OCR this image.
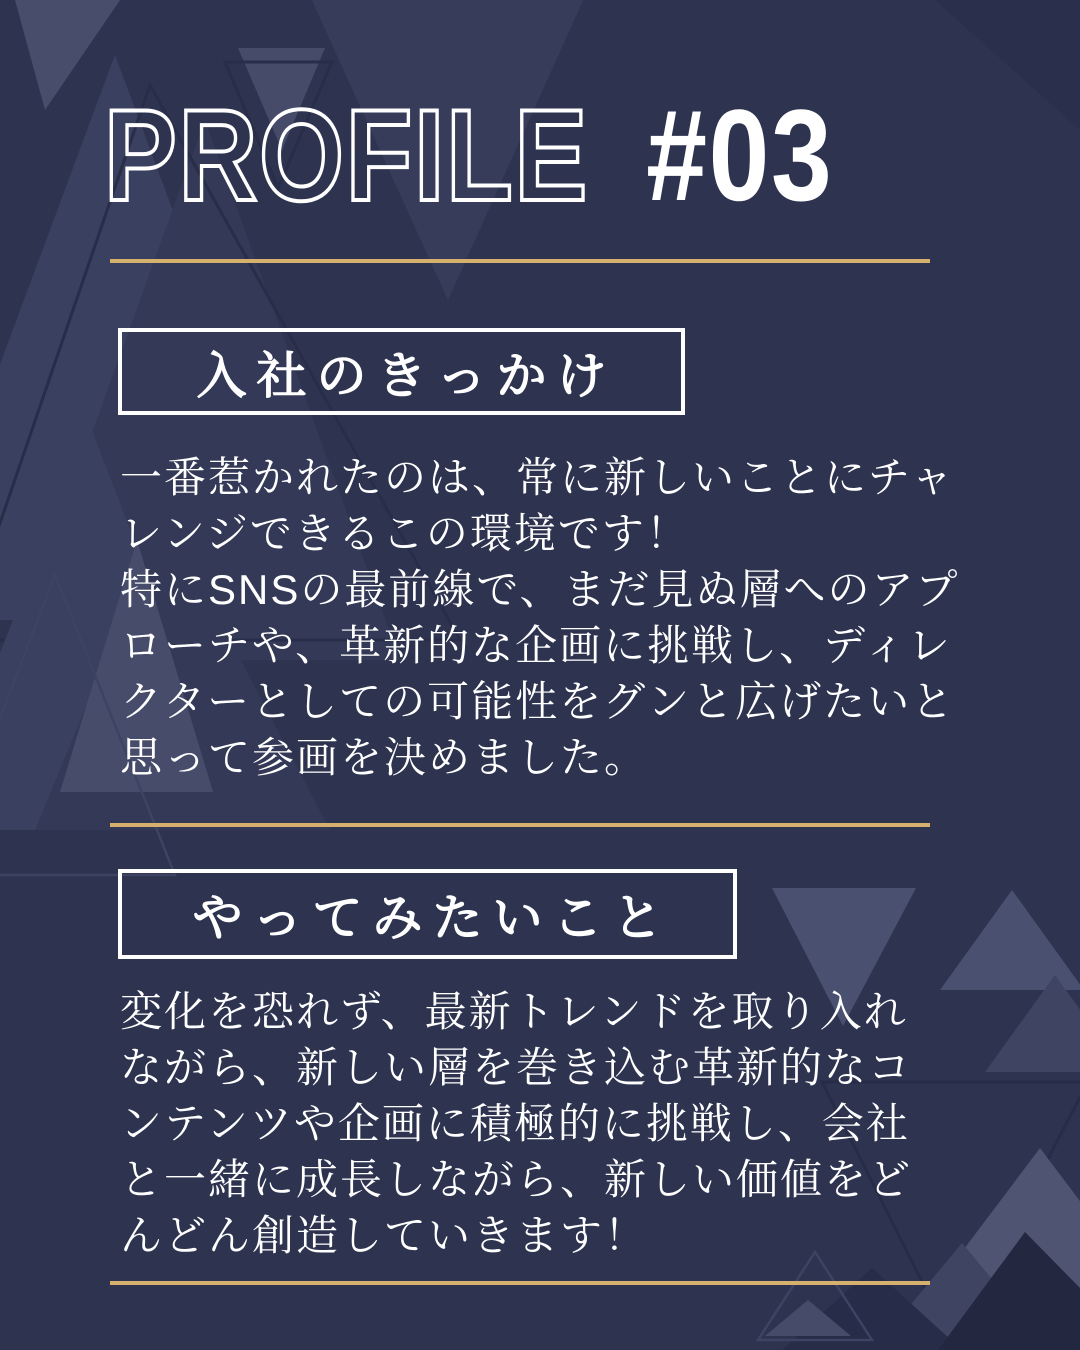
PROFILE #03
入社のきっかけ
一番惹かれたのは、常に新しいことにチャ
レンジできるこの環境です！
特にSNSの最前線で、まだ見ぬ層へのアプ
ローチや、革新的な企画に挑戦し、ディレ
クターとしての可能性をグンと広げたいと
思って参画を決めました。
やってみたいこと
変化を恐れず、最新トレンドを取り入れ
ながら、新しい層を巻き込む革新的なコ
ンテンツや企画に積極的に挑戦し、会社
と一緒に成長しながら、新しい価値をど
んどん創造していきます！
